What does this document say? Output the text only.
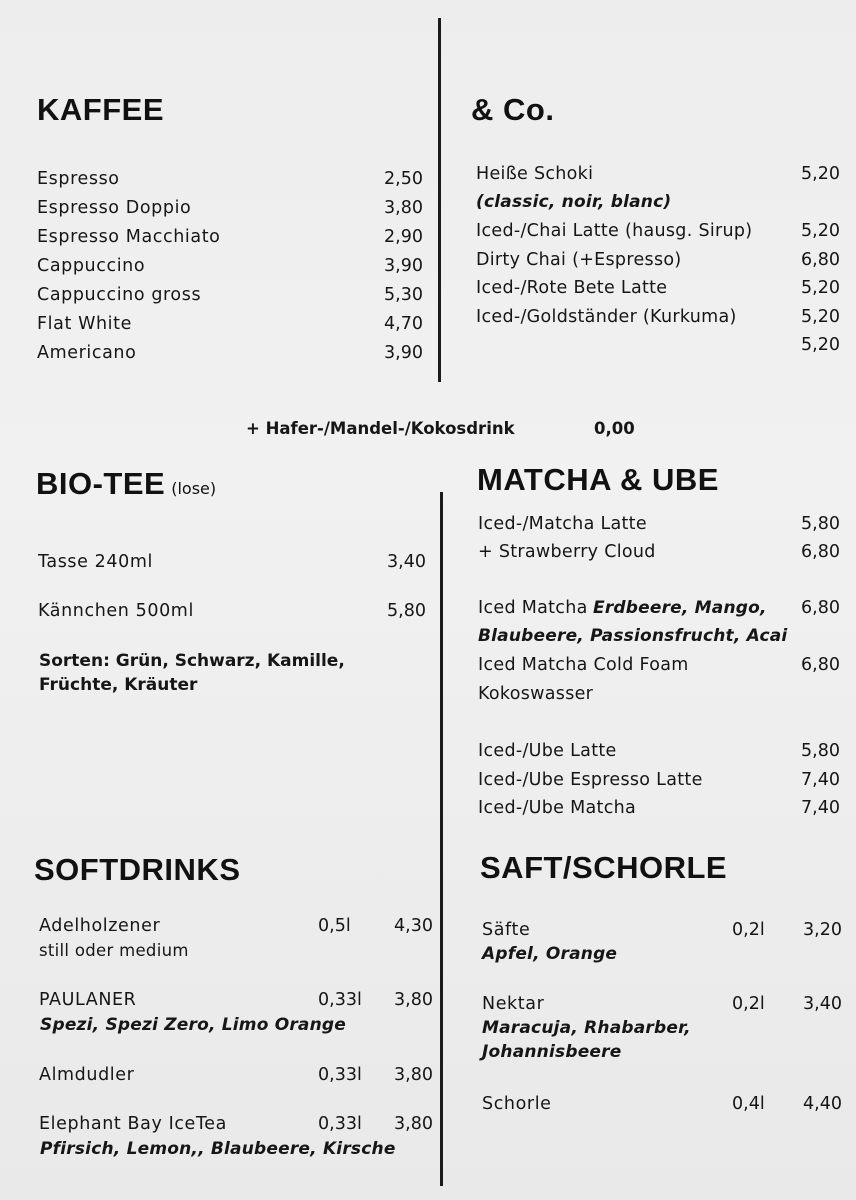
KAFFEE
Espresso	2,50
Espresso Doppio	3,80
Espresso Macchiato	2,90
Cappuccino	3,90
Cappuccino gross	5,30
Flat White	4,70
Americano	3,90
& Co.
Heiße Schoki	5,20
(classic, noir, blanc)
Iced-/Chai Latte (hausg. Sirup)	5,20
Dirty Chai (+Espresso)	6,80
Iced-/Rote Bete Latte	5,20
Iced-/Goldständer (Kurkuma)	5,20
5,20
+ Hafer-/Mandel-/Kokosdrink	0,00
BIO-TEE (lose)
Tasse 240ml	3,40
Kännchen 500ml	5,80
Sorten: Grün, Schwarz, Kamille,
Früchte, Kräuter
MATCHA & UBE
Iced-/Matcha Latte	5,80
+ Strawberry Cloud	6,80
Iced Matcha Erdbeere, Mango,	6,80
Blaubeere, Passionsfrucht, Acai
Iced Matcha Cold Foam	6,80
Kokoswasser
Iced-/Ube Latte	5,80
Iced-/Ube Espresso Latte	7,40
Iced-/Ube Matcha	7,40
SOFTDRINKS
Adelholzener	0,5l	4,30
still oder medium
PAULANER	0,33l	3,80
Spezi, Spezi Zero, Limo Orange
Almdudler	0,33l	3,80
Elephant Bay IceTea	0,33l	3,80
Pfirsich, Lemon,, Blaubeere, Kirsche
SAFT/SCHORLE
Säfte	0,2l	3,20
Apfel, Orange
Nektar	0,2l	3,40
Maracuja, Rhabarber,
Johannisbeere
Schorle	0,4l	4,40
